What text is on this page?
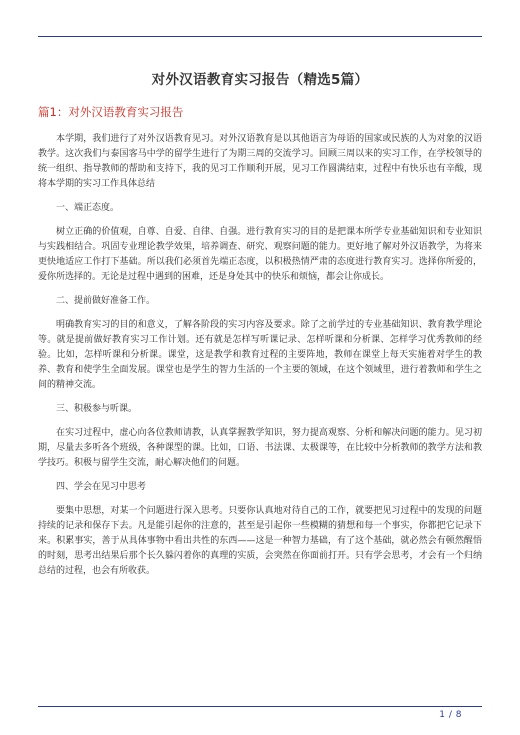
对外汉语教育实习报告（精选5篇）
篇1：对外汉语教育实习报告

本学期，我们进行了对外汉语教育见习。对外汉语教育是以其他语言为母语的国家或民族的人为对象的汉语教学。这次我们与泰国客马中学的留学生进行了为期三周的交流学习。回顾三周以来的实习工作，在学校领导的统一组织、指导教师的帮助和支持下，我的见习工作顺利开展，见习工作圆满结束，过程中有快乐也有辛酸，现将本学期的实习工作具体总结

一、端正态度。

树立正确的价值观，自尊、自爱、自律、自强。进行教育实习的目的是把课本所学专业基础知识和专业知识与实践相结合。巩固专业理论教学效果，培养调查、研究、观察问题的能力。更好地了解对外汉语教学，为将来更快地适应工作打下基础。所以我们必须首先端正态度，以积极热情严肃的态度进行教育实习。选择你所爱的，爱你所选择的。无论是过程中遇到的困难，还是身处其中的快乐和烦恼，都会让你成长。

二、提前做好准备工作。

明确教育实习的目的和意义，了解各阶段的实习内容及要求。除了之前学过的专业基础知识、教育教学理论等。就是提前做好教育实习工作计划。还有就是怎样写听课记录、怎样听课和分析课、怎样学习优秀教师的经验。比如，怎样听课和分析课。课堂，这是教学和教育过程的主要阵地，教师在课堂上每天实施着对学生的教养、教育和使学生全面发展。课堂也是学生的智力生活的一个主要的领域，在这个领域里，进行着教师和学生之间的精神交流。

三、积极参与听课。

在实习过程中，虚心向各位教师请教，认真掌握教学知识，努力提高观察、分析和解决问题的能力。见习初期，尽量去多听各个班级，各种课型的课。比如，口语、书法课、太极课等，在比较中分析教师的教学方法和教学技巧。积极与留学生交流，耐心解决他们的问题。

四、学会在见习中思考

要集中思想，对某一个问题进行深入思考。只要你认真地对待自己的工作，就要把见习过程中的发现的问题持续的记录和保存下去。凡是能引起你的注意的，甚至是引起你一些模糊的猜想和每一个事实，你都把它记录下来。积累事实，善于从具体事物中看出共性的东西——这是一种智力基础，有了这个基础，就必然会有顿然醒悟的时刻，思考出结果后那个长久躲闪着你的真理的实质，会突然在你面前打开。只有学会思考，才会有一个归纳总结的过程，也会有所收获。

1 / 8
